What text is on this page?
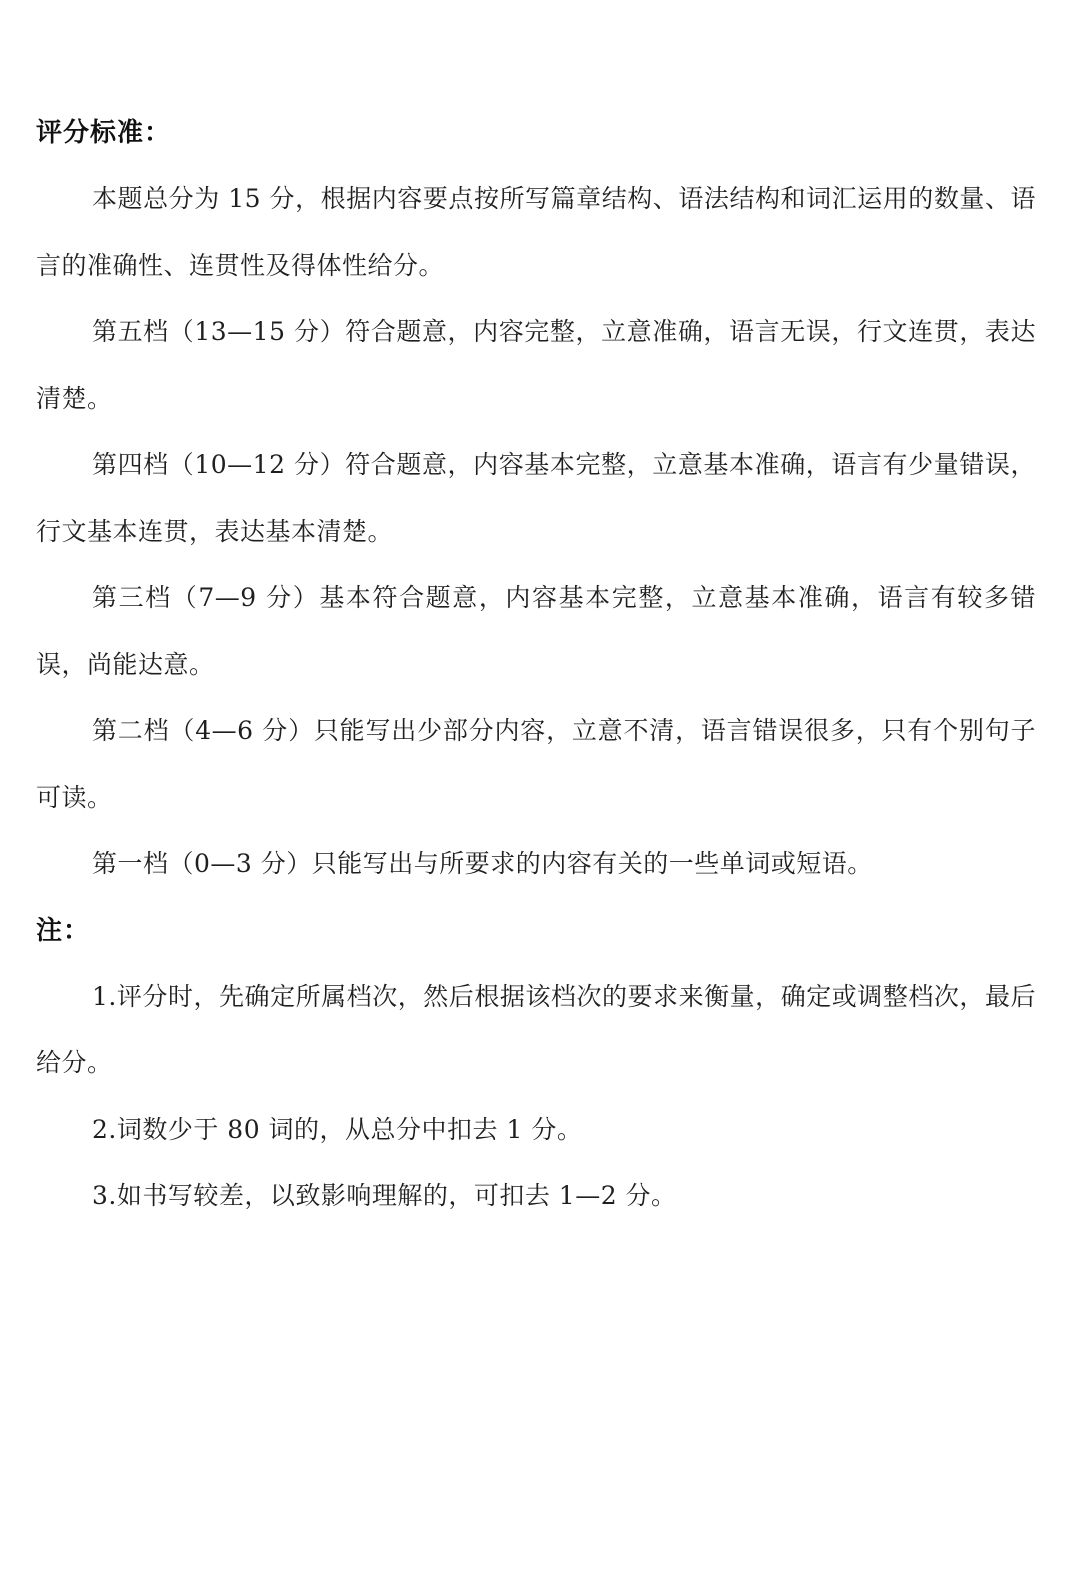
评分标准：

本题总分为 15 分，根据内容要点按所写篇章结构、语法结构和词汇运用的数量、语言的准确性、连贯性及得体性给分。

第五档（13—15 分）符合题意，内容完整，立意准确，语言无误，行文连贯，表达清楚。

第四档（10—12 分）符合题意，内容基本完整，立意基本准确，语言有少量错误，行文基本连贯，表达基本清楚。

第三档（7—9 分）基本符合题意，内容基本完整，立意基本准确，语言有较多错误，尚能达意。

第二档（4—6 分）只能写出少部分内容，立意不清，语言错误很多，只有个别句子可读。

第一档（0—3 分）只能写出与所要求的内容有关的一些单词或短语。

注：

1.评分时，先确定所属档次，然后根据该档次的要求来衡量，确定或调整档次，最后给分。

2.词数少于 80 词的，从总分中扣去 1 分。

3.如书写较差，以致影响理解的，可扣去 1—2 分。
